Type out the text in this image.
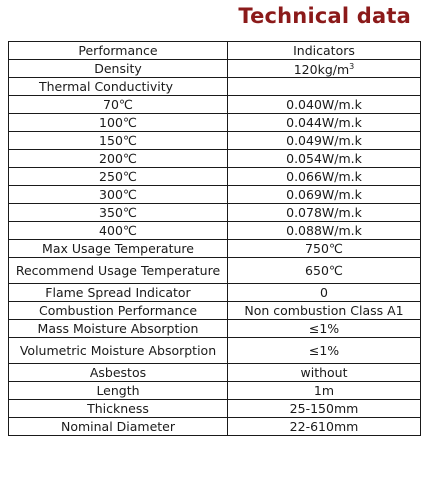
Technical data
Performance	Indicators
Density	$120kg/m^3$
Thermal Conductivity	
70℃	0.040W/m.k
100℃	0.044W/m.k
150℃	0.049W/m.k
200℃	0.054W/m.k
250℃	0.066W/m.k
300℃	0.069W/m.k
350℃	0.078W/m.k
400℃	0.088W/m.k
Max Usage Temperature	750℃
Recommend Usage Temperature	650℃
Flame Spread Indicator	0
Combustion Performance	Non combustion Class A1
Mass Moisture Absorption	≤1%
Volumetric Moisture Absorption	≤1%
Asbestos	without
Length	1m
Thickness	25-150mm
Nominal Diameter	22-610mm
